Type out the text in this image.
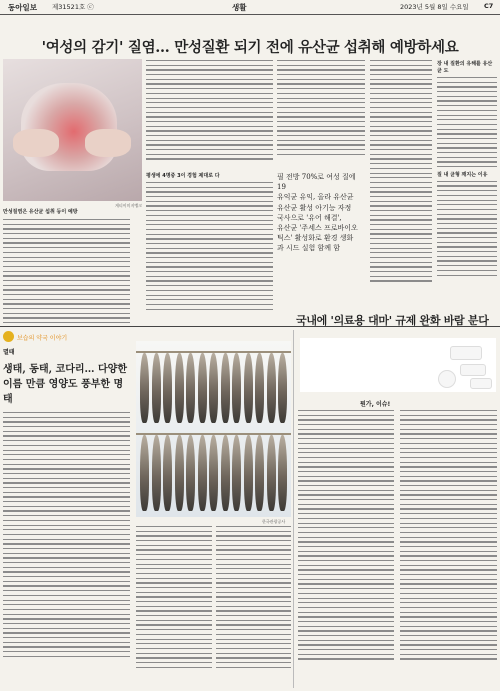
동아일보 제31521호 ⓒ	생활	2023년 5월 8일 수요일 C7
'여성의 감기' 질염… 만성질환 되기 전에 유산균 섭취해 예방하세요
게티이미지뱅크
만성질염은 유산균 섭취 등이 예방
평생에 4명중 3이 경험 제대로 다	필 전방 70%로 여성 질에 19

유익균 유익, 올라 유산균

유산균 활성 아기능 자정

국사으로 '유어 해결',

유산균 '주세스 프로바이오

틱스' 활성화로 환경 생화

과 시드 실험 함께 함

장 내 질환의 유해를 유산균 도
질 내 균형 깨지는 이유
보습의 약국 이야기
멸태
생태, 동태, 코다리… 다양한 이름 만큼 영양도 풍부한 명태
한국관광공사
국내에 '의료용 대마' 규제 완화 바람 분다
뭔가, 이슈!
